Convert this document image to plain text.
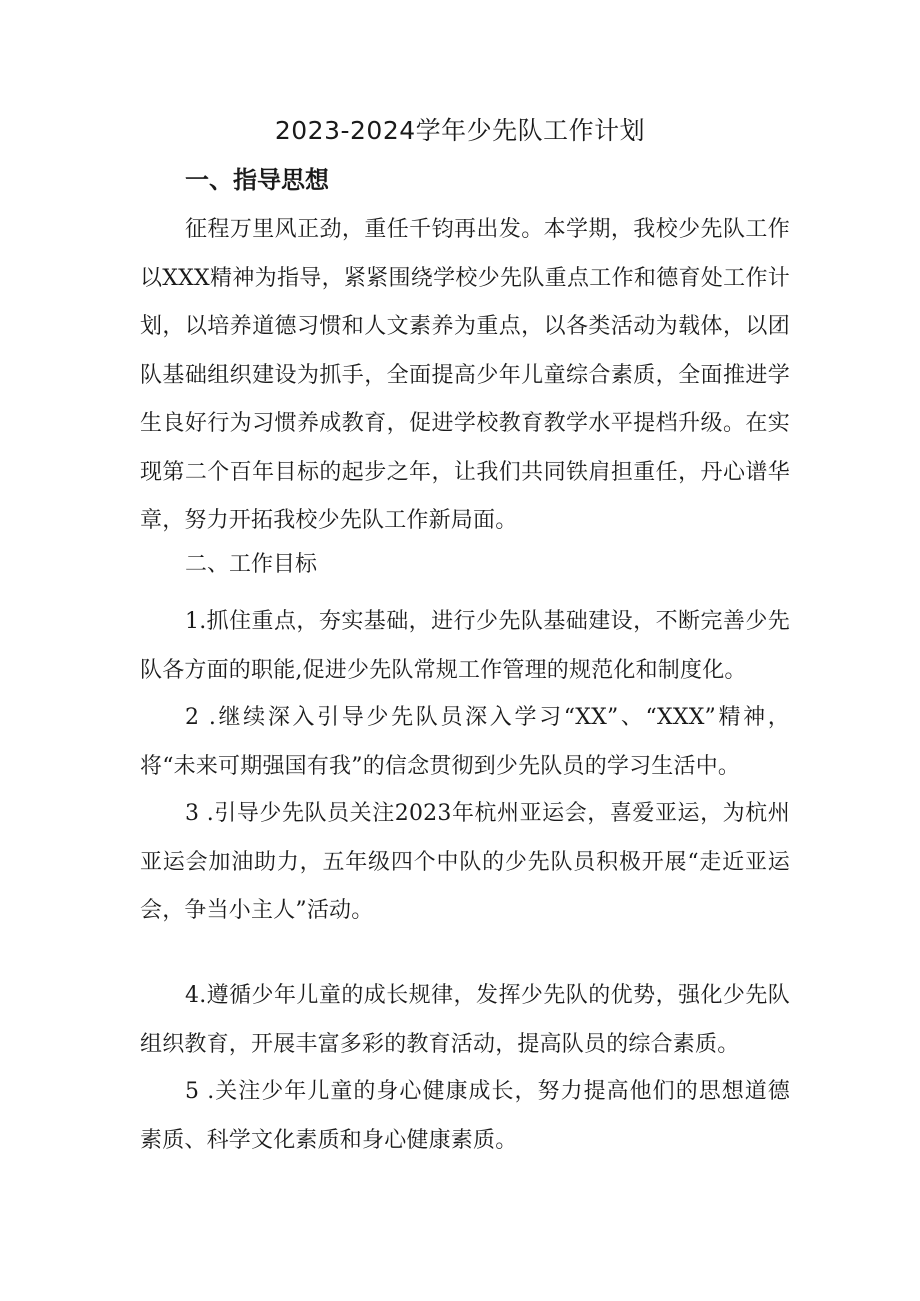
2023-2024学年少先队工作计划
一、指导思想

征程万里风正劲，重任千钧再出发。本学期，我校少先队工作以XXX精神为指导，紧紧围绕学校少先队重点工作和德育处工作计划，以培养道德习惯和人文素养为重点，以各类活动为载体，以团队基础组织建设为抓手，全面提高少年儿童综合素质，全面推进学生良好行为习惯养成教育，促进学校教育教学水平提档升级。在实现第二个百年目标的起步之年，让我们共同铁肩担重任，丹心谱华章，努力开拓我校少先队工作新局面。

二、工作目标

1.抓住重点，夯实基础，进行少先队基础建设，不断完善少先队各方面的职能,促进少先队常规工作管理的规范化和制度化。

2 .继续深入引导少先队员深入学习“XX”、“XXX”精神，将“未来可期强国有我”的信念贯彻到少先队员的学习生活中。

3 .引导少先队员关注2023年杭州亚运会，喜爱亚运，为杭州亚运会加油助力，五年级四个中队的少先队员积极开展“走近亚运会，争当小主人”活动。

4.遵循少年儿童的成长规律，发挥少先队的优势，强化少先队组织教育，开展丰富多彩的教育活动，提高队员的综合素质。

5 .关注少年儿童的身心健康成长，努力提高他们的思想道德素质、科学文化素质和身心健康素质。
